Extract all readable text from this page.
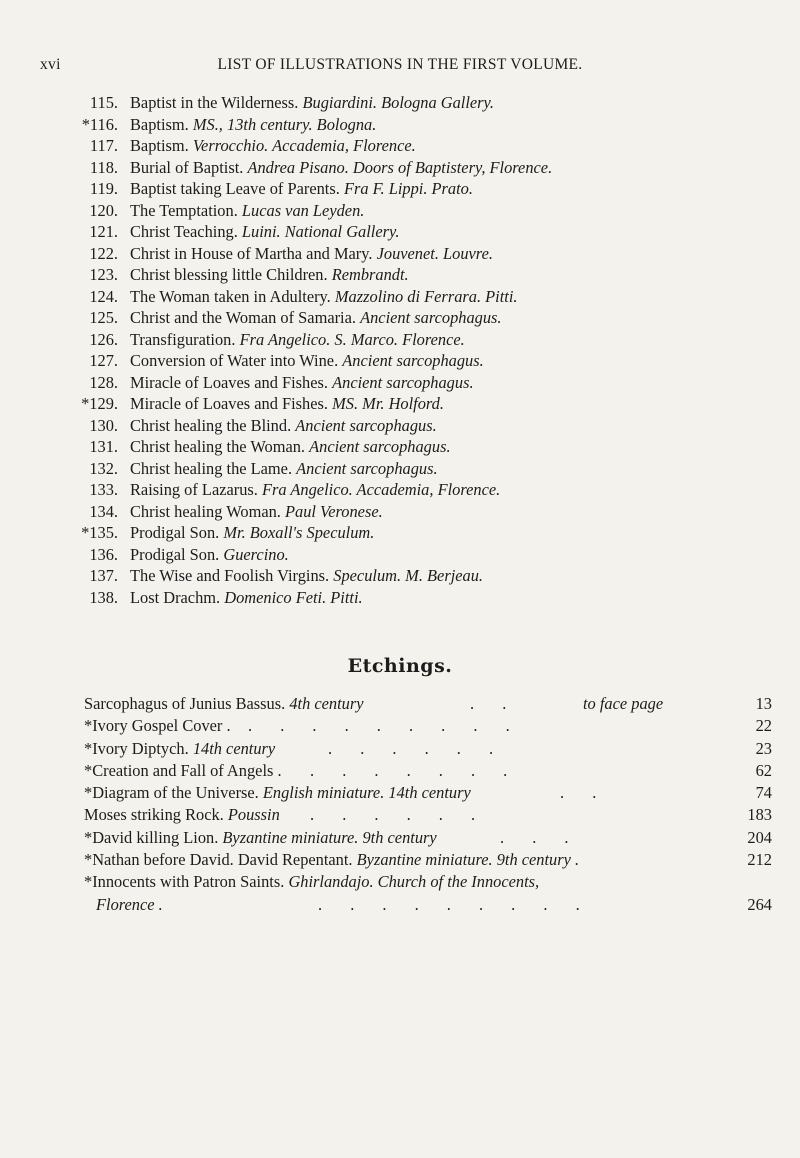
xvi	LIST OF ILLUSTRATIONS IN THE FIRST VOLUME.
115. Baptist in the Wilderness. Bugiardini. Bologna Gallery.
*116. Baptism. MS., 13th century. Bologna.
117. Baptism. Verrocchio. Accademia, Florence.
118. Burial of Baptist. Andrea Pisano. Doors of Baptistery, Florence.
119. Baptist taking Leave of Parents. Fra F. Lippi. Prato.
120. The Temptation. Lucas van Leyden.
121. Christ Teaching. Luini. National Gallery.
122. Christ in House of Martha and Mary. Jouvenet. Louvre.
123. Christ blessing little Children. Rembrandt.
124. The Woman taken in Adultery. Mazzolino di Ferrara. Pitti.
125. Christ and the Woman of Samaria. Ancient sarcophagus.
126. Transfiguration. Fra Angelico. S. Marco. Florence.
127. Conversion of Water into Wine. Ancient sarcophagus.
128. Miracle of Loaves and Fishes. Ancient sarcophagus.
*129. Miracle of Loaves and Fishes. MS. Mr. Holford.
130. Christ healing the Blind. Ancient sarcophagus.
131. Christ healing the Woman. Ancient sarcophagus.
132. Christ healing the Lame. Ancient sarcophagus.
133. Raising of Lazarus. Fra Angelico. Accademia, Florence.
134. Christ healing Woman. Paul Veronese.
*135. Prodigal Son. Mr. Boxall's Speculum.
136. Prodigal Son. Guercino.
137. The Wise and Foolish Virgins. Speculum. M. Berjeau.
138. Lost Drachm. Domenico Feti. Pitti.
Etchings.
Sarcophagus of Junius Bassus. 4th century	. .	to face page	13
*Ivory Gospel Cover . . . . . . . . . .	22
*Ivory Diptych. 14th century	. . . . . .	23
*Creation and Fall of Angels . . . . . . . .	62
*Diagram of the Universe. English miniature. 14th century	. .	74
Moses striking Rock. Poussin . . . . . .	183
*David killing Lion. Byzantine miniature. 9th century	. . .	204
*Nathan before David. David Repentant. Byzantine miniature. 9th century .	212
*Innocents with Patron Saints. Ghirlandajo. Church of the Innocents,
Florence .	. . . . . . . . .	264
